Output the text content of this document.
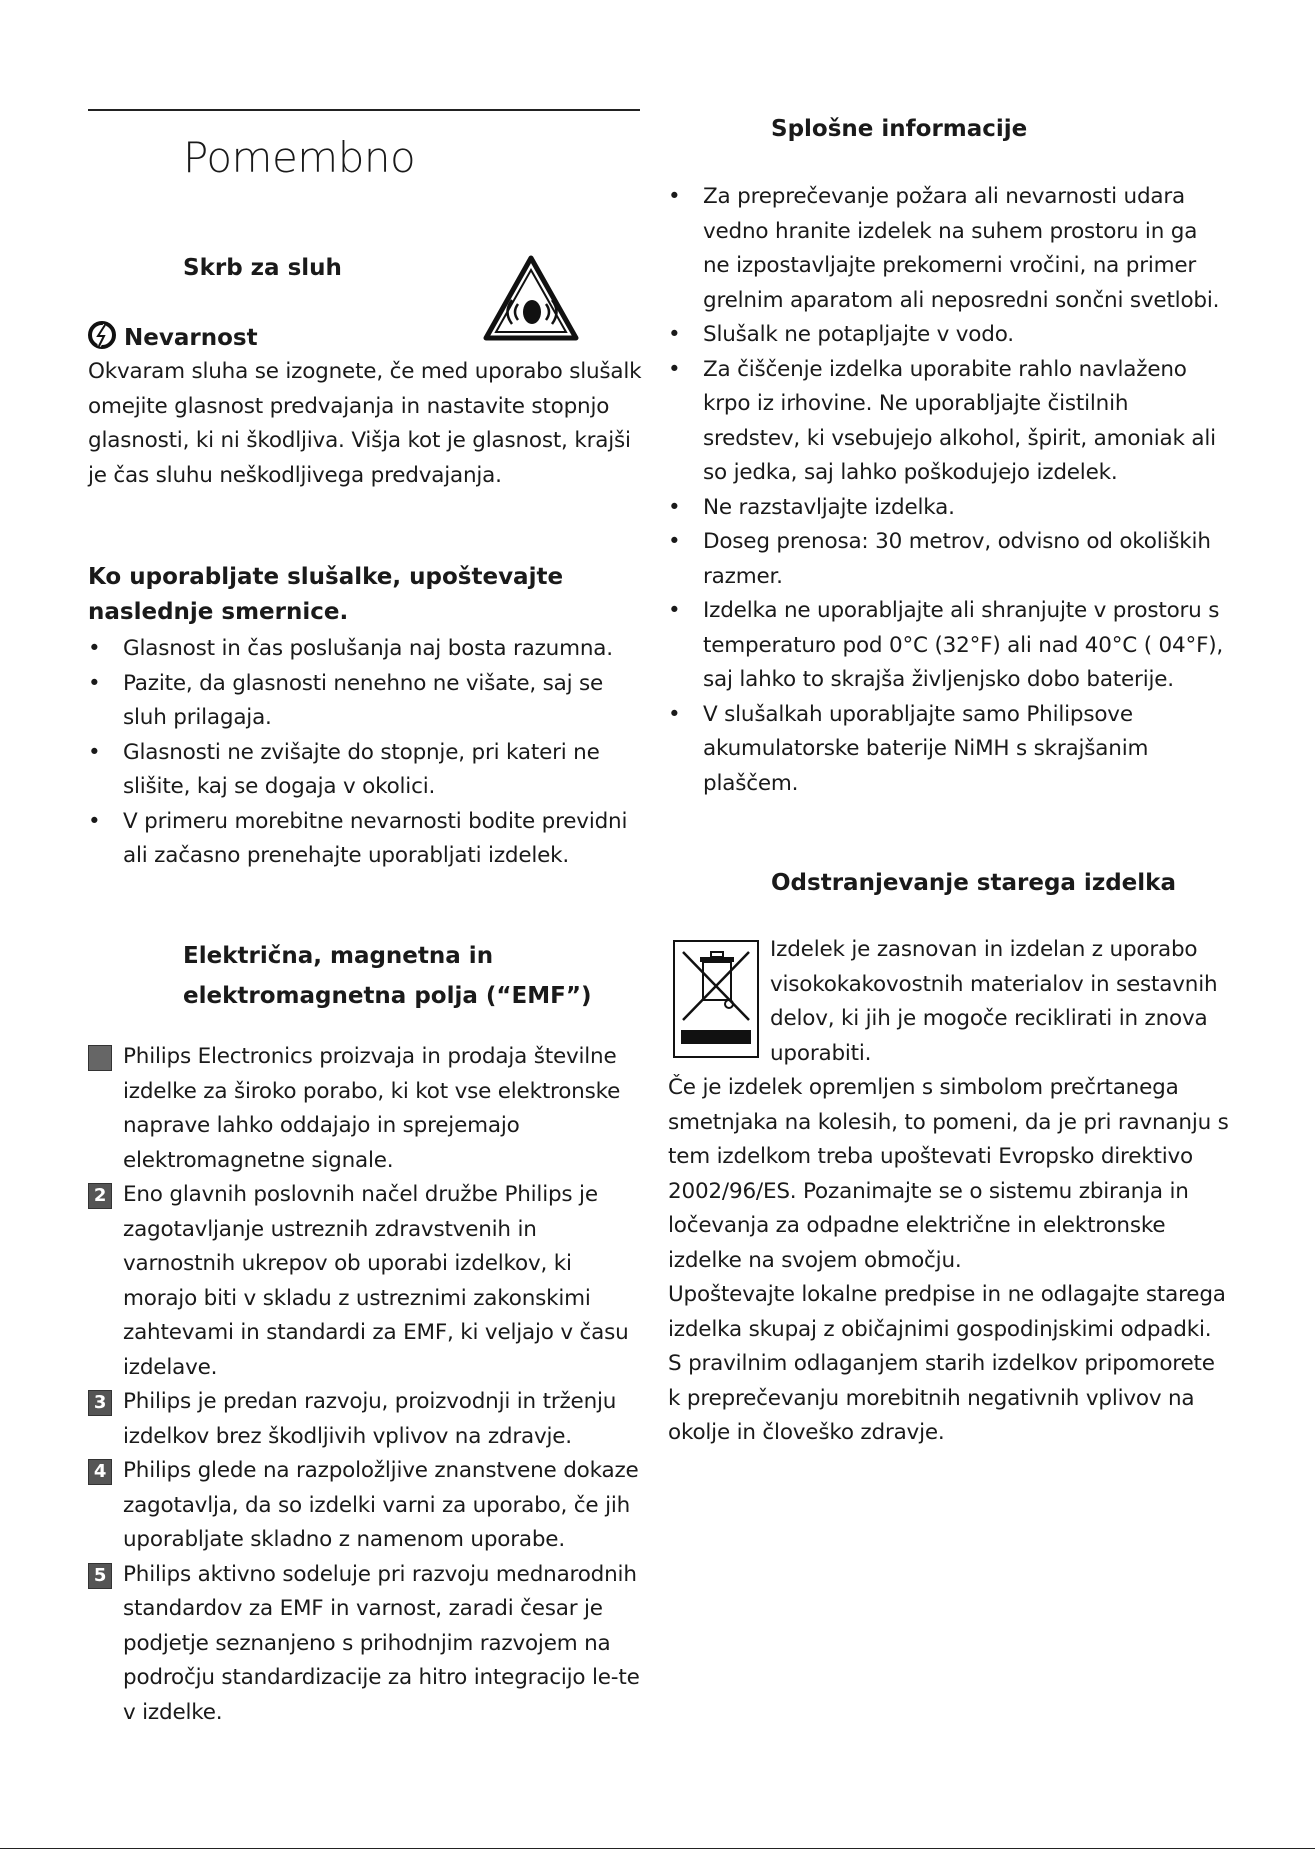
Pomembno
Skrb za sluh
Nevarnost

Okvaram sluha se izognete, če med uporabo slušalk omejite glasnost predvajanja in nastavite stopnjo glasnosti, ki ni škodljiva. Višja kot je glasnost, krajši je čas sluhu neškodljivega predvajanja.

Ko uporabljate slušalke, upoštevajte
naslednje smernice.
• Glasnost in čas poslušanja naj bosta razumna.
• Pazite, da glasnosti nenehno ne višate, saj se sluh prilagaja.
• Glasnosti ne zvišajte do stopnje, pri kateri ne slišite, kaj se dogaja v okolici.
• V primeru morebitne nevarnosti bodite previdni ali začasno prenehajte uporabljati izdelek.
Električna, magnetna in
elektromagnetna polja (“EMF”)
Philips Electronics proizvaja in prodaja številne izdelke za široko porabo, ki kot vse elektronske naprave lahko oddajajo in sprejemajo elektromagnetne signale.
2 Eno glavnih poslovnih načel družbe Philips je zagotavljanje ustreznih zdravstvenih in varnostnih ukrepov ob uporabi izdelkov, ki morajo biti v skladu z ustreznimi zakonskimi zahtevami in standardi za EMF, ki veljajo v času izdelave.
3 Philips je predan razvoju, proizvodnji in trženju izdelkov brez škodljivih vplivov na zdravje.
4 Philips glede na razpoložljive znanstvene dokaze zagotavlja, da so izdelki varni za uporabo, če jih uporabljate skladno z namenom uporabe.
5 Philips aktivno sodeluje pri razvoju mednarodnih standardov za EMF in varnost, zaradi česar je podjetje seznanjeno s prihodnjim razvojem na področju standardizacije za hitro integracijo le-te v izdelke.
Splošne informacije
• Za preprečevanje požara ali nevarnosti udara vedno hranite izdelek na suhem prostoru in ga ne izpostavljajte prekomerni vročini, na primer grelnim aparatom ali neposredni sončni svetlobi.
• Slušalk ne potapljajte v vodo.
• Za čiščenje izdelka uporabite rahlo navlaženo krpo iz irhovine. Ne uporabljajte čistilnih sredstev, ki vsebujejo alkohol, špirit, amoniak ali so jedka, saj lahko poškodujejo izdelek.
• Ne razstavljajte izdelka.
• Doseg prenosa: 30 metrov, odvisno od okoliških razmer.
• Izdelka ne uporabljajte ali shranjujte v prostoru s temperaturo pod 0°C (32°F) ali nad 40°C ( 04°F), saj lahko to skrajša življenjsko dobo baterije.
• V slušalkah uporabljajte samo Philipsove akumulatorske baterije NiMH s skrajšanim plaščem.
Odstranjevanje starega izdelka

Izdelek je zasnovan in izdelan z uporabo visokokakovostnih materialov in sestavnih delov, ki jih je mogoče reciklirati in znova uporabiti.

Če je izdelek opremljen s simbolom prečrtanega smetnjaka na kolesih, to pomeni, da je pri ravnanju s tem izdelkom treba upoštevati Evropsko direktivo 2002/96/ES. Pozanimajte se o sistemu zbiranja in ločevanja za odpadne električne in elektronske izdelke na svojem območju.

Upoštevajte lokalne predpise in ne odlagajte starega izdelka skupaj z običajnimi gospodinjskimi odpadki. S pravilnim odlaganjem starih izdelkov pripomorete k preprečevanju morebitnih negativnih vplivov na okolje in človeško zdravje.
